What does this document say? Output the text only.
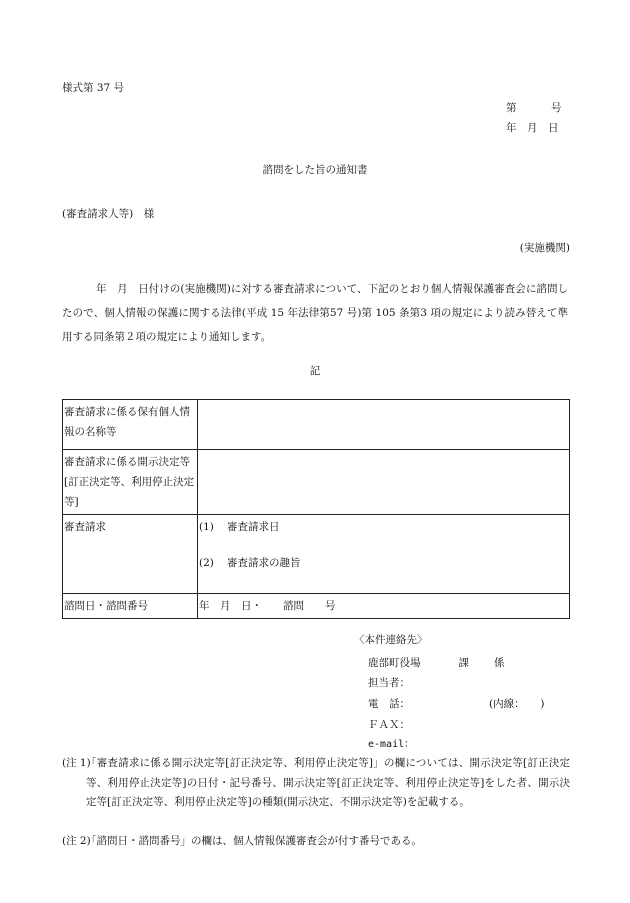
様式第 37 号
第	号
年　月　日
諮問をした旨の通知書
(審査請求人等)　様
(実施機関)
年　月　日付けの(実施機関)に対する審査請求について、下記のとおり個人情報保護審査会に諮問したので、個人情報の保護に関する法律(平成 15 年法律第57 号)第 105 条第3 項の規定により読み替えて準用する同条第２項の規定により通知します。
記
審査請求に係る保有個人情報の名称等	
審査請求に係る開示決定等[訂正決定等、利用停止決定等]	
審査請求	(1) 審査請求日
(2) 審査請求の趣旨

諮問日・諮問番号	年　月　日・　　諮問　　号
〈本件連絡先〉
鹿部町役場	課 係
担当者：
電　話：	(内線：　　)
ＦＡＸ：
e-mail：
(注 1)
「審査請求に係る開示決定等[訂正決定等、利用停止決定等]」の欄については、開示決定等[訂正決定等、利用停止決定等]の日付・記号番号、開示決定等[訂正決定等、利用停止決定等]をした者、開示決定等[訂正決定等、利用停止決定等]の種類(開示決定、不開示決定等)を記載する。
(注 2)
「諮問日・諮問番号」の欄は、個人情報保護審査会が付す番号である。
